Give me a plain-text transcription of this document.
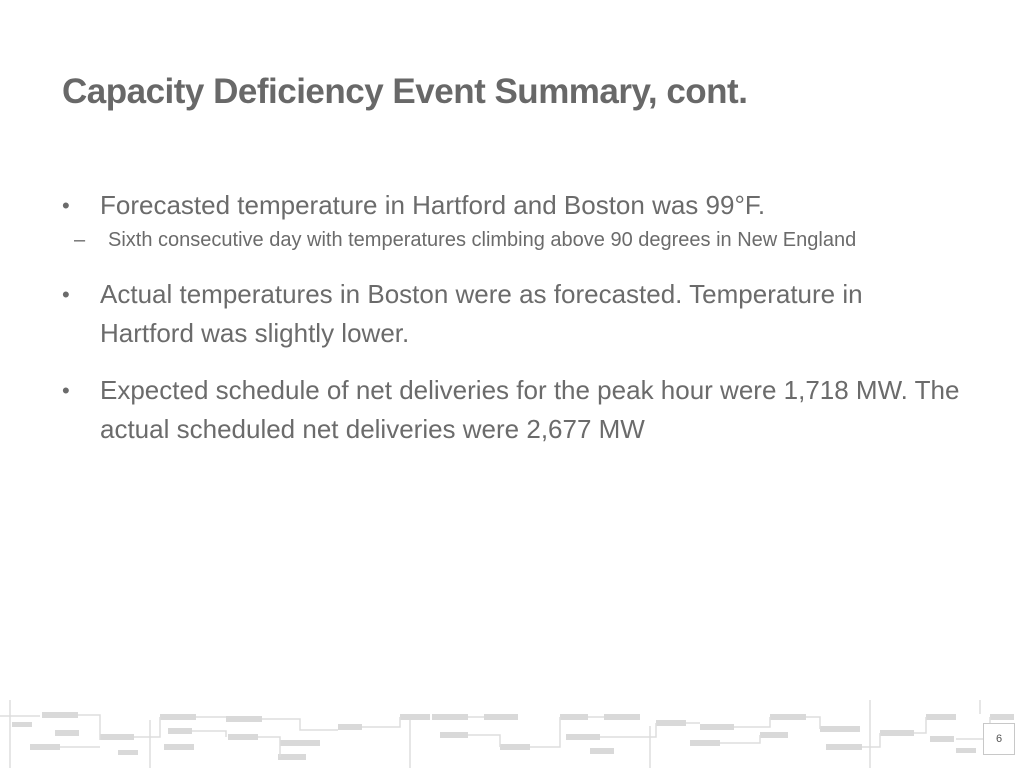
Capacity Deficiency Event Summary, cont.
• Forecasted temperature in Hartford and Boston was 99°F.
– Sixth consecutive day with temperatures climbing above 90 degrees in New England
• Actual temperatures in Boston were as forecasted. Temperature in Hartford was slightly lower.
• Expected schedule of net deliveries for the peak hour were 1,718 MW. The actual scheduled net deliveries were 2,677 MW
6
